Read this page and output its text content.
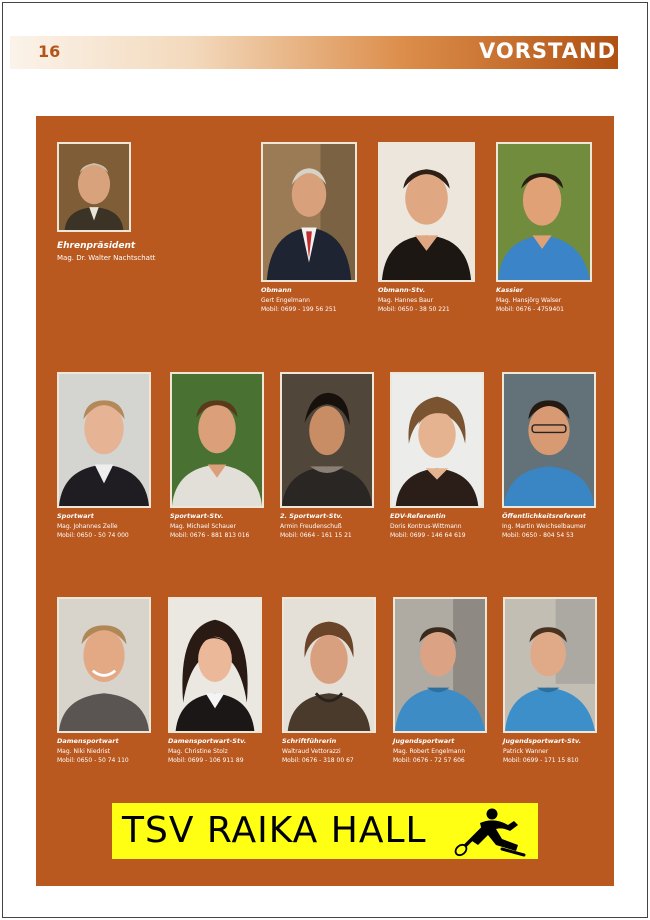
16	VORSTAND
Ehrenpräsident
Mag. Dr. Walter Nachtschatt
Obmann
Gert Engelmann
Mobil: 0699 - 199 56 251
Obmann-Stv.
Mag. Hannes Baur
Mobil: 0650 - 38 50 221
Kassier
Mag. Hansjörg Walser
Mobil: 0676 - 4759401
Sportwart
Mag. Johannes Zelle
Mobil: 0650 - 50 74 000
Sportwart-Stv.
Mag. Michael Schauer
Mobil: 0676 - 881 813 016
2. Sportwart-Stv.
Armin Freudenschuß
Mobil: 0664 - 161 15 21
EDV-Referentin
Doris Kontrus-Wittmann
Mobil: 0699 - 146 64 619
Öffentlichkeitsreferent
Ing. Martin Weichselbaumer
Mobil: 0650 - 804 54 53
Damensportwart
Mag. Niki Niedrist
Mobil: 0650 - 50 74 110
Damensportwart-Stv.
Mag. Christine Stolz
Mobil: 0699 - 106 911 89
Schriftführerin
Waltraud Vettorazzi
Mobil: 0676 - 318 00 67
Jugendsportwart
Mag. Robert Engelmann
Mobil: 0676 - 72 57 606
Jugendsportwart-Stv.
Patrick Wanner
Mobil: 0699 - 171 15 810
TSV RAIKA HALL
